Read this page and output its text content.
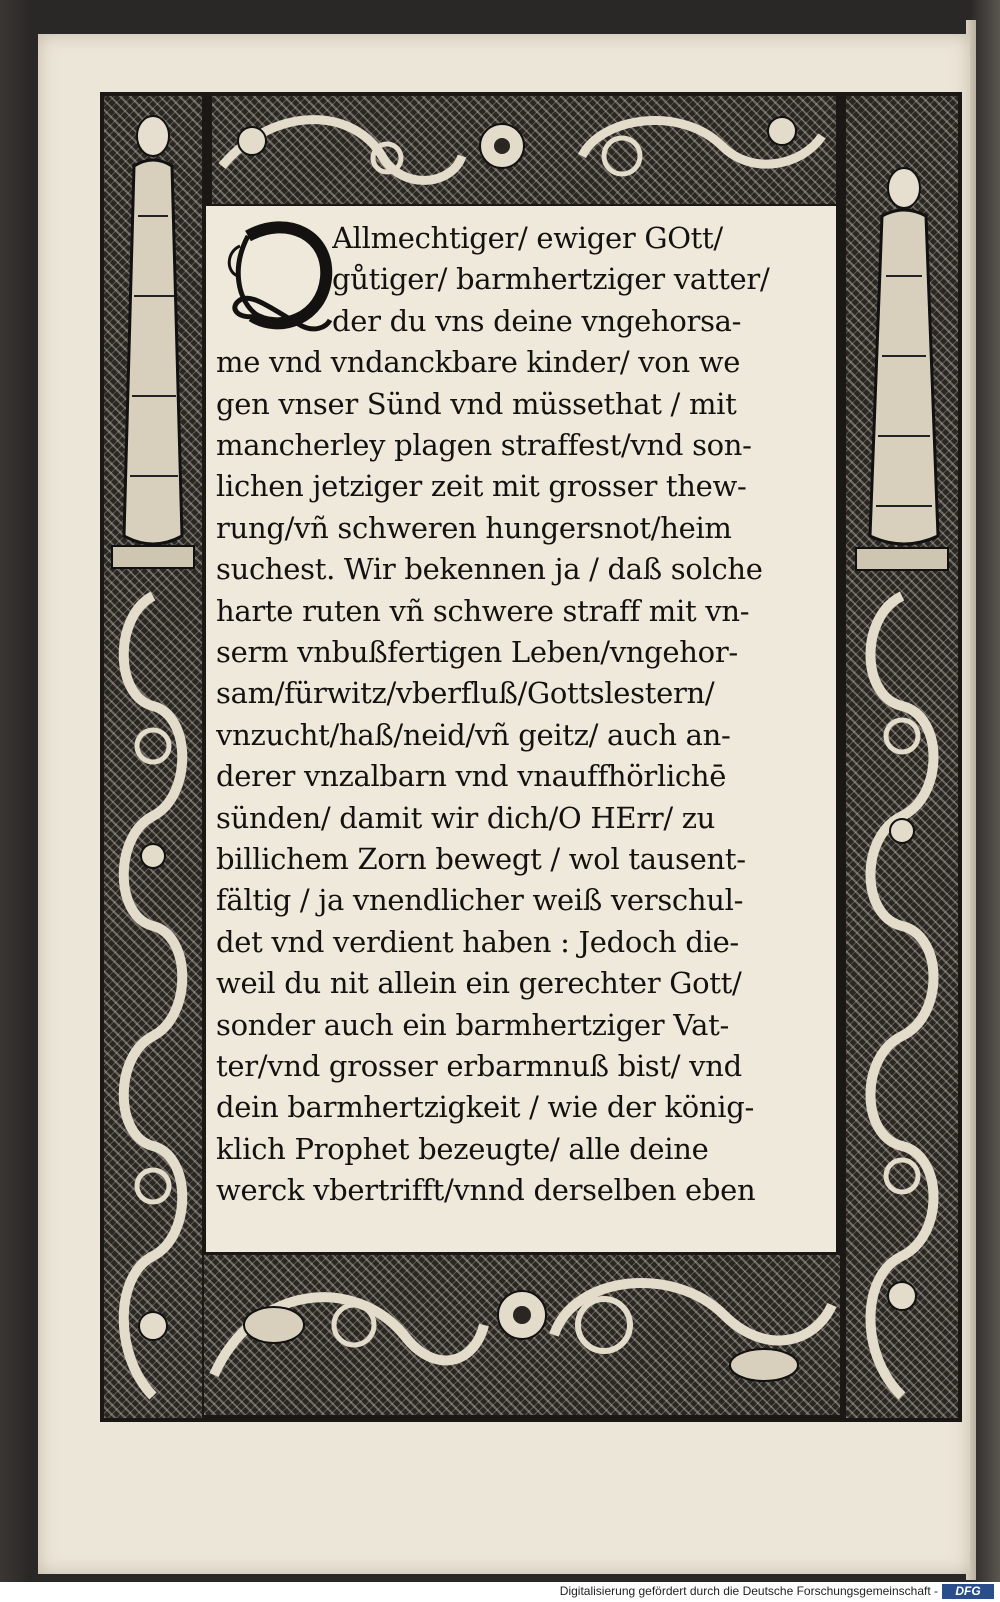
Allmechtiger/ ewiger GOtt/
gůtiger/ barmhertziger vatter/
der du vns deine vngehorsa-
me vnd vndanckbare kinder/ von we
gen vnser Sünd vnd müssethat / mit
mancherley plagen straffest/vnd son-
lichen jetziger zeit mit grosser thew-
rung/vñ schweren hungersnot/heim
suchest. Wir bekennen ja / daß solche
harte ruten vñ schwere straff mit vn-
serm vnbußfertigen Leben/vngehor-
sam/fürwitz/vberfluß/Gottslestern/
vnzucht/haß/neid/vñ geitz/ auch an-
derer vnzalbarn vnd vnauffhörlichē
sünden/ damit wir dich/O HErr/ zu
billichem Zorn bewegt / wol tausent-
fältig / ja vnendlicher weiß verschul-
det vnd verdient haben : Jedoch die-
weil du nit allein ein gerechter Gott/
sonder auch ein barmhertziger Vat-
ter/vnd grosser erbarmnuß bist/ vnd
dein barmhertzigkeit / wie der könig-
klich Prophet bezeugte/ alle deine
werck vbertrifft/vnnd derselben eben
Digitalisierung gefördert durch die Deutsche Forschungsgemeinschaft -	DFG
